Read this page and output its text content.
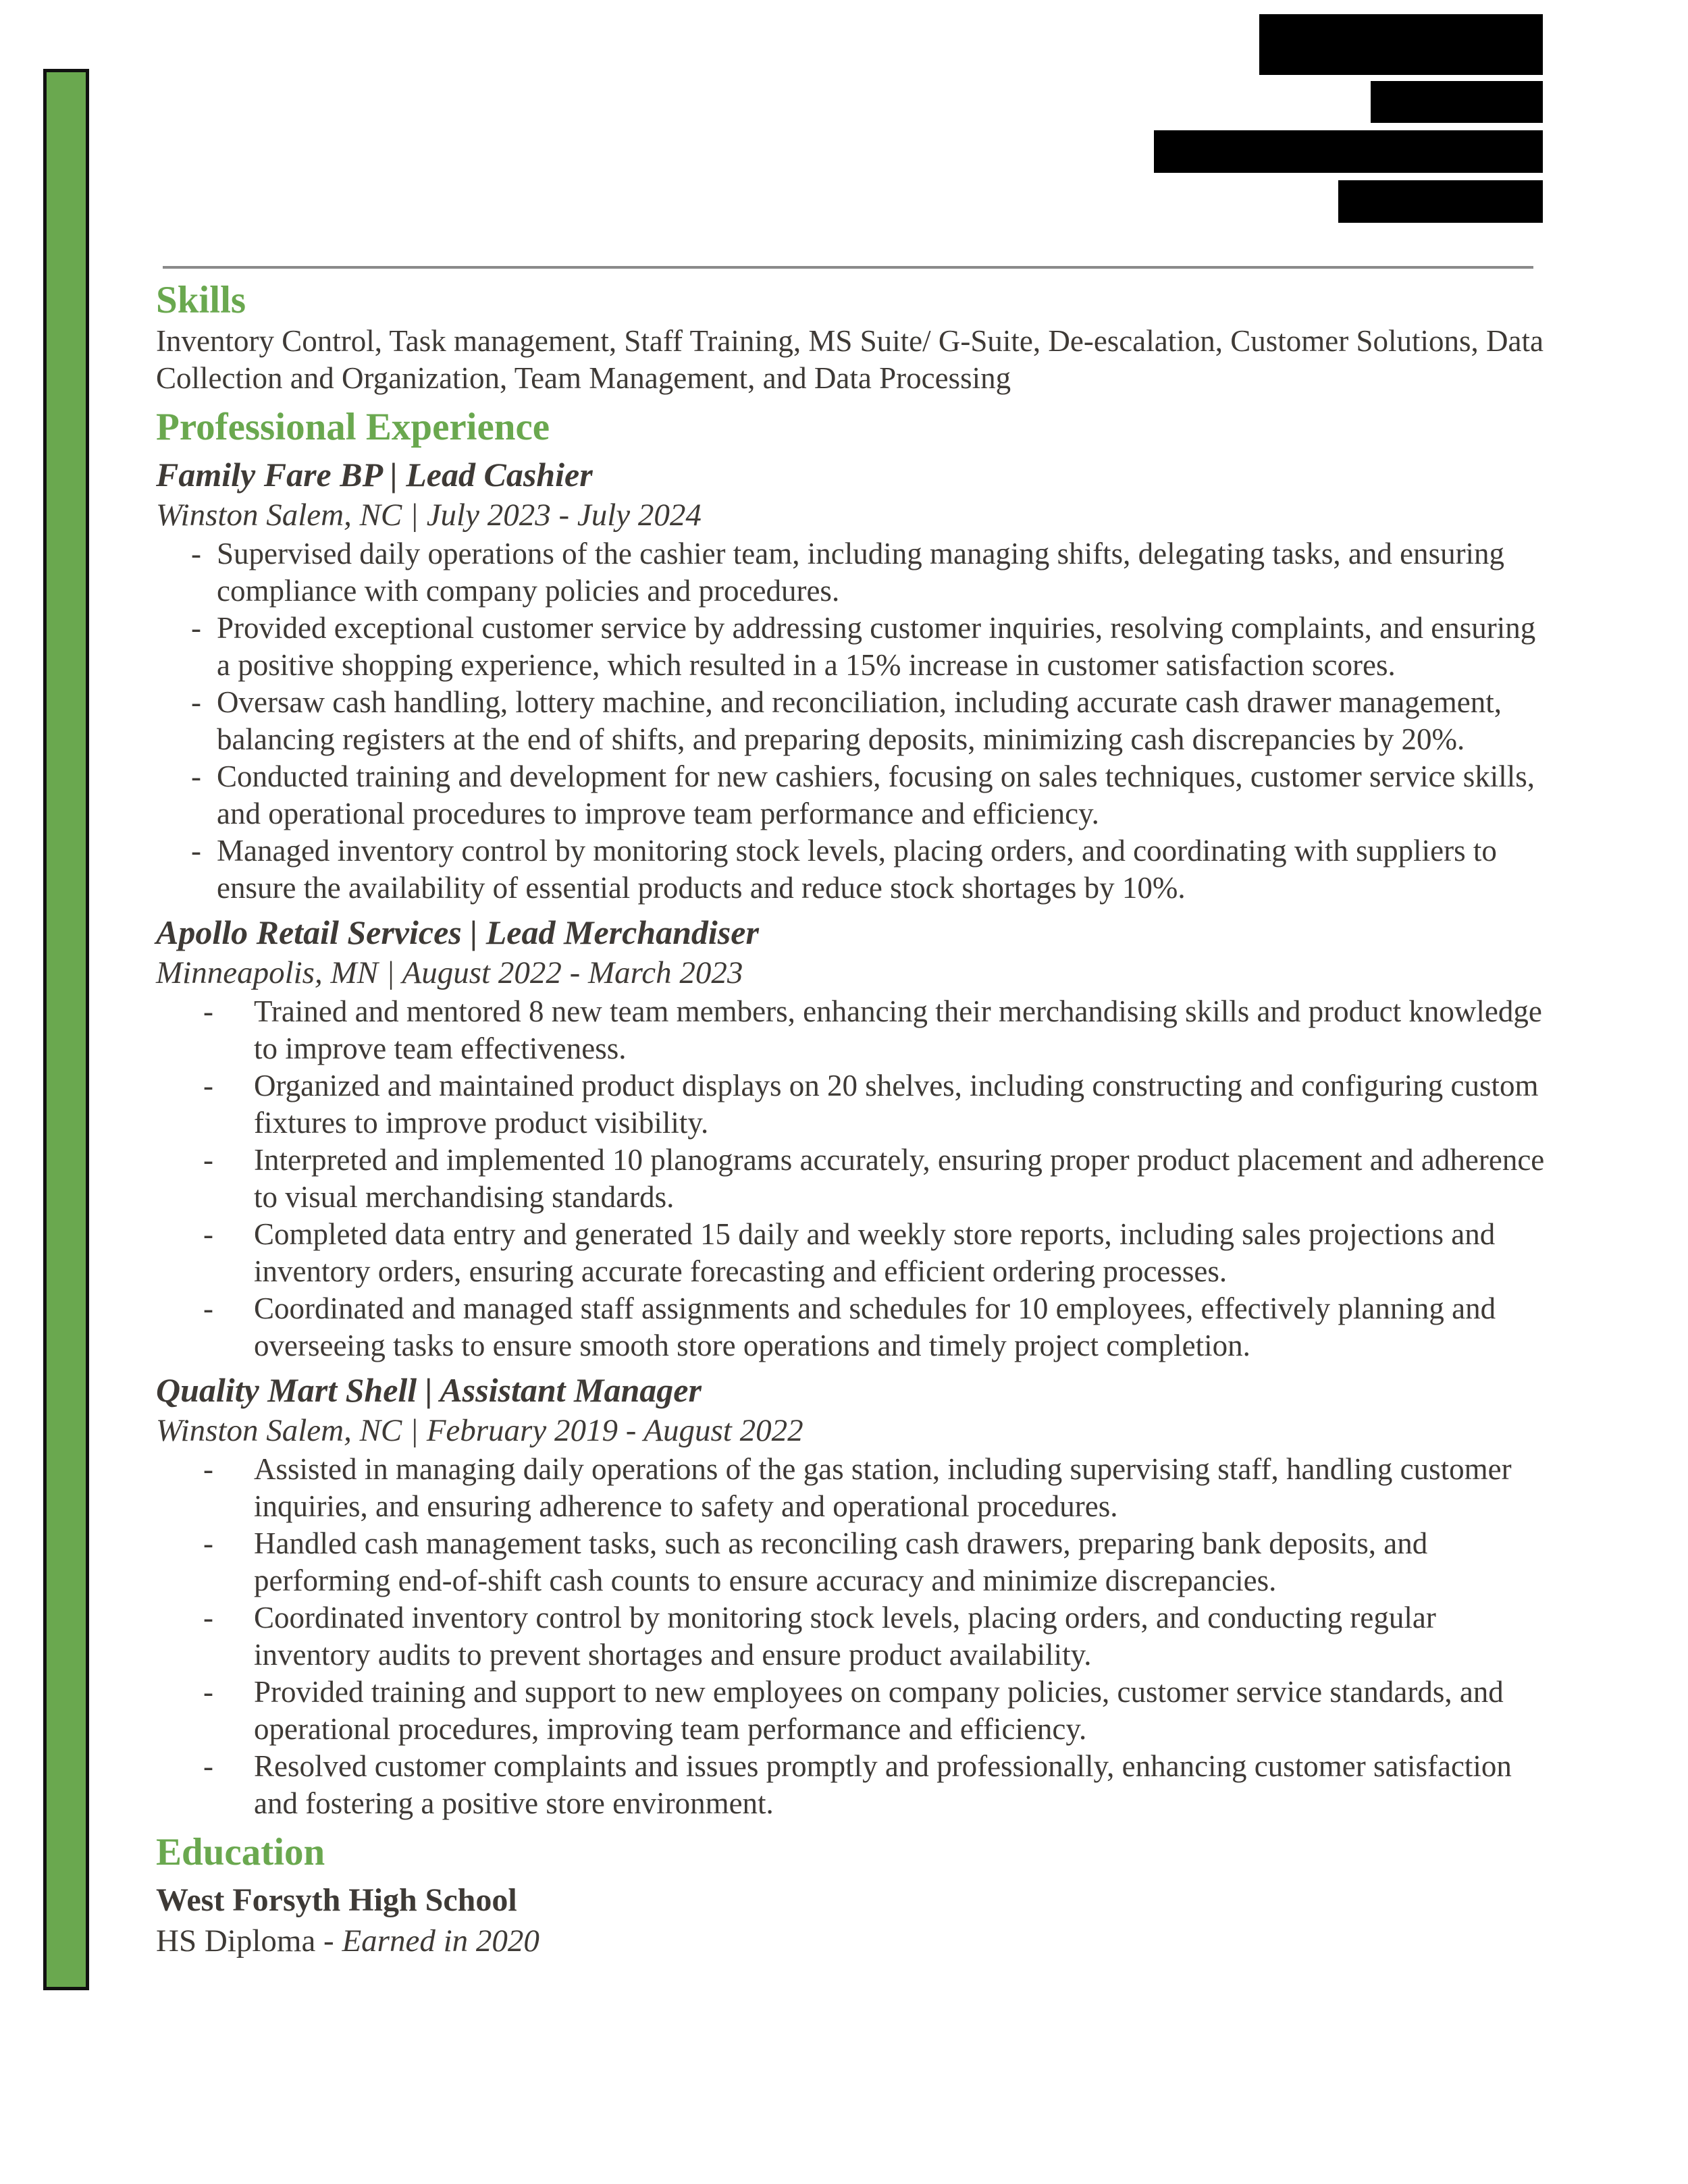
Skills

Inventory Control, Task management, Staff Training, MS Suite/ G-Suite, De-escalation, Customer Solutions, Data Collection and Organization, Team Management, and Data Processing

Professional Experience

Family Fare BP | Lead Cashier

Winston Salem, NC | July 2023 - July 2024

- Supervised daily operations of the cashier team, including managing shifts, delegating tasks, and ensuring compliance with company policies and procedures.
- Provided exceptional customer service by addressing customer inquiries, resolving complaints, and ensuring a positive shopping experience, which resulted in a 15% increase in customer satisfaction scores.
- Oversaw cash handling, lottery machine, and reconciliation, including accurate cash drawer management, balancing registers at the end of shifts, and preparing deposits, minimizing cash discrepancies by 20%.
- Conducted training and development for new cashiers, focusing on sales techniques, customer service skills, and operational procedures to improve team performance and efficiency.
- Managed inventory control by monitoring stock levels, placing orders, and coordinating with suppliers to ensure the availability of essential products and reduce stock shortages by 10%.

Apollo Retail Services | Lead Merchandiser

Minneapolis, MN | August 2022 - March 2023

- Trained and mentored 8 new team members, enhancing their merchandising skills and product knowledge to improve team effectiveness.
- Organized and maintained product displays on 20 shelves, including constructing and configuring custom fixtures to improve product visibility.
- Interpreted and implemented 10 planograms accurately, ensuring proper product placement and adherence to visual merchandising standards.
- Completed data entry and generated 15 daily and weekly store reports, including sales projections and inventory orders, ensuring accurate forecasting and efficient ordering processes.
- Coordinated and managed staff assignments and schedules for 10 employees, effectively planning and overseeing tasks to ensure smooth store operations and timely project completion.

Quality Mart Shell | Assistant Manager

Winston Salem, NC | February 2019 - August 2022

- Assisted in managing daily operations of the gas station, including supervising staff, handling customer inquiries, and ensuring adherence to safety and operational procedures.
- Handled cash management tasks, such as reconciling cash drawers, preparing bank deposits, and performing end-of-shift cash counts to ensure accuracy and minimize discrepancies.
- Coordinated inventory control by monitoring stock levels, placing orders, and conducting regular inventory audits to prevent shortages and ensure product availability.
- Provided training and support to new employees on company policies, customer service standards, and operational procedures, improving team performance and efficiency.
- Resolved customer complaints and issues promptly and professionally, enhancing customer satisfaction and fostering a positive store environment.
Education

West Forsyth High School

HS Diploma - Earned in 2020
